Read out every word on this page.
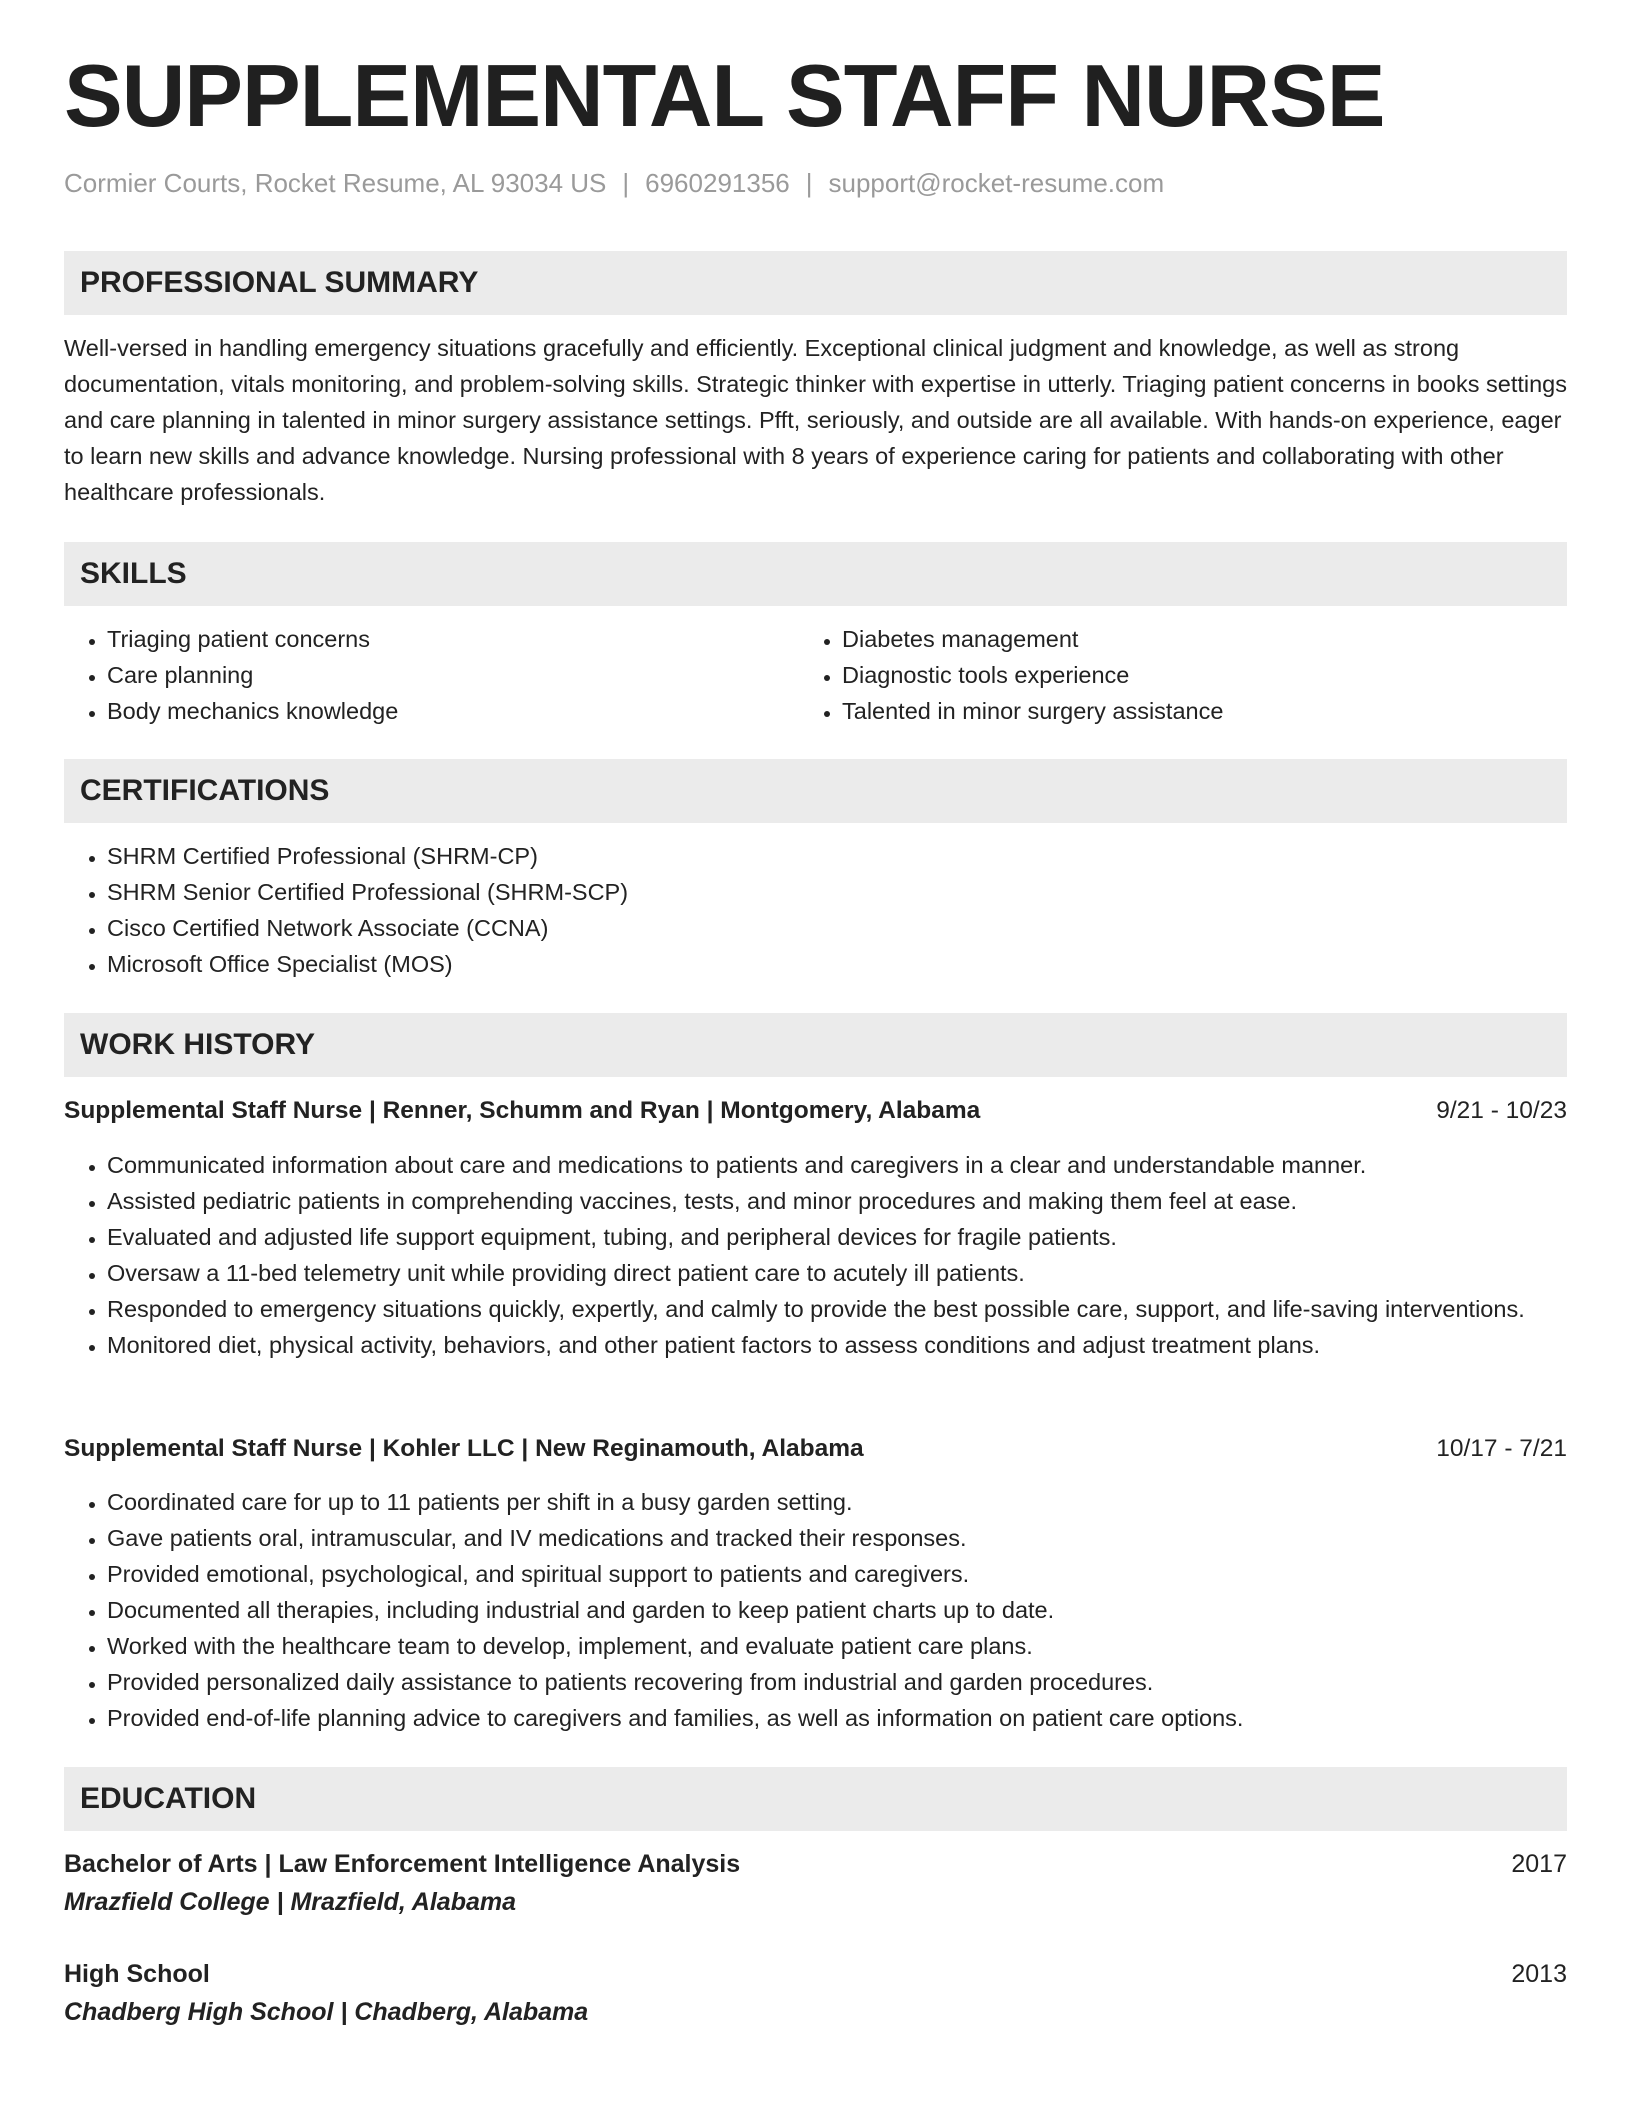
SUPPLEMENTAL STAFF NURSE
Cormier Courts, Rocket Resume, AL 93034 US | 6960291356 | support@rocket-resume.com
PROFESSIONAL SUMMARY

Well-versed in handling emergency situations gracefully and efficiently. Exceptional clinical judgment and knowledge, as well as strong documentation, vitals monitoring, and problem-solving skills. Strategic thinker with expertise in utterly. Triaging patient concerns in books settings and care planning in talented in minor surgery assistance settings. Pfft, seriously, and outside are all available. With hands-on experience, eager to learn new skills and advance knowledge. Nursing professional with 8 years of experience caring for patients and collaborating with other healthcare professionals.

SKILLS
• Triaging patient concerns
• Care planning
• Body mechanics knowledge
• Diabetes management
• Diagnostic tools experience
• Talented in minor surgery assistance
CERTIFICATIONS
• SHRM Certified Professional (SHRM-CP)
• SHRM Senior Certified Professional (SHRM-SCP)
• Cisco Certified Network Associate (CCNA)
• Microsoft Office Specialist (MOS)
WORK HISTORY
Supplemental Staff Nurse | Renner, Schumm and Ryan | Montgomery, Alabama	9/21 - 10/23
• Communicated information about care and medications to patients and caregivers in a clear and understandable manner.
• Assisted pediatric patients in comprehending vaccines, tests, and minor procedures and making them feel at ease.
• Evaluated and adjusted life support equipment, tubing, and peripheral devices for fragile patients.
• Oversaw a 11-bed telemetry unit while providing direct patient care to acutely ill patients.
• Responded to emergency situations quickly, expertly, and calmly to provide the best possible care, support, and life-saving interventions.
• Monitored diet, physical activity, behaviors, and other patient factors to assess conditions and adjust treatment plans.
Supplemental Staff Nurse | Kohler LLC | New Reginamouth, Alabama	10/17 - 7/21
• Coordinated care for up to 11 patients per shift in a busy garden setting.
• Gave patients oral, intramuscular, and IV medications and tracked their responses.
• Provided emotional, psychological, and spiritual support to patients and caregivers.
• Documented all therapies, including industrial and garden to keep patient charts up to date.
• Worked with the healthcare team to develop, implement, and evaluate patient care plans.
• Provided personalized daily assistance to patients recovering from industrial and garden procedures.
• Provided end-of-life planning advice to caregivers and families, as well as information on patient care options.
EDUCATION
Bachelor of Arts | Law Enforcement Intelligence Analysis	2017
Mrazfield College | Mrazfield, Alabama
High School	2013
Chadberg High School | Chadberg, Alabama
